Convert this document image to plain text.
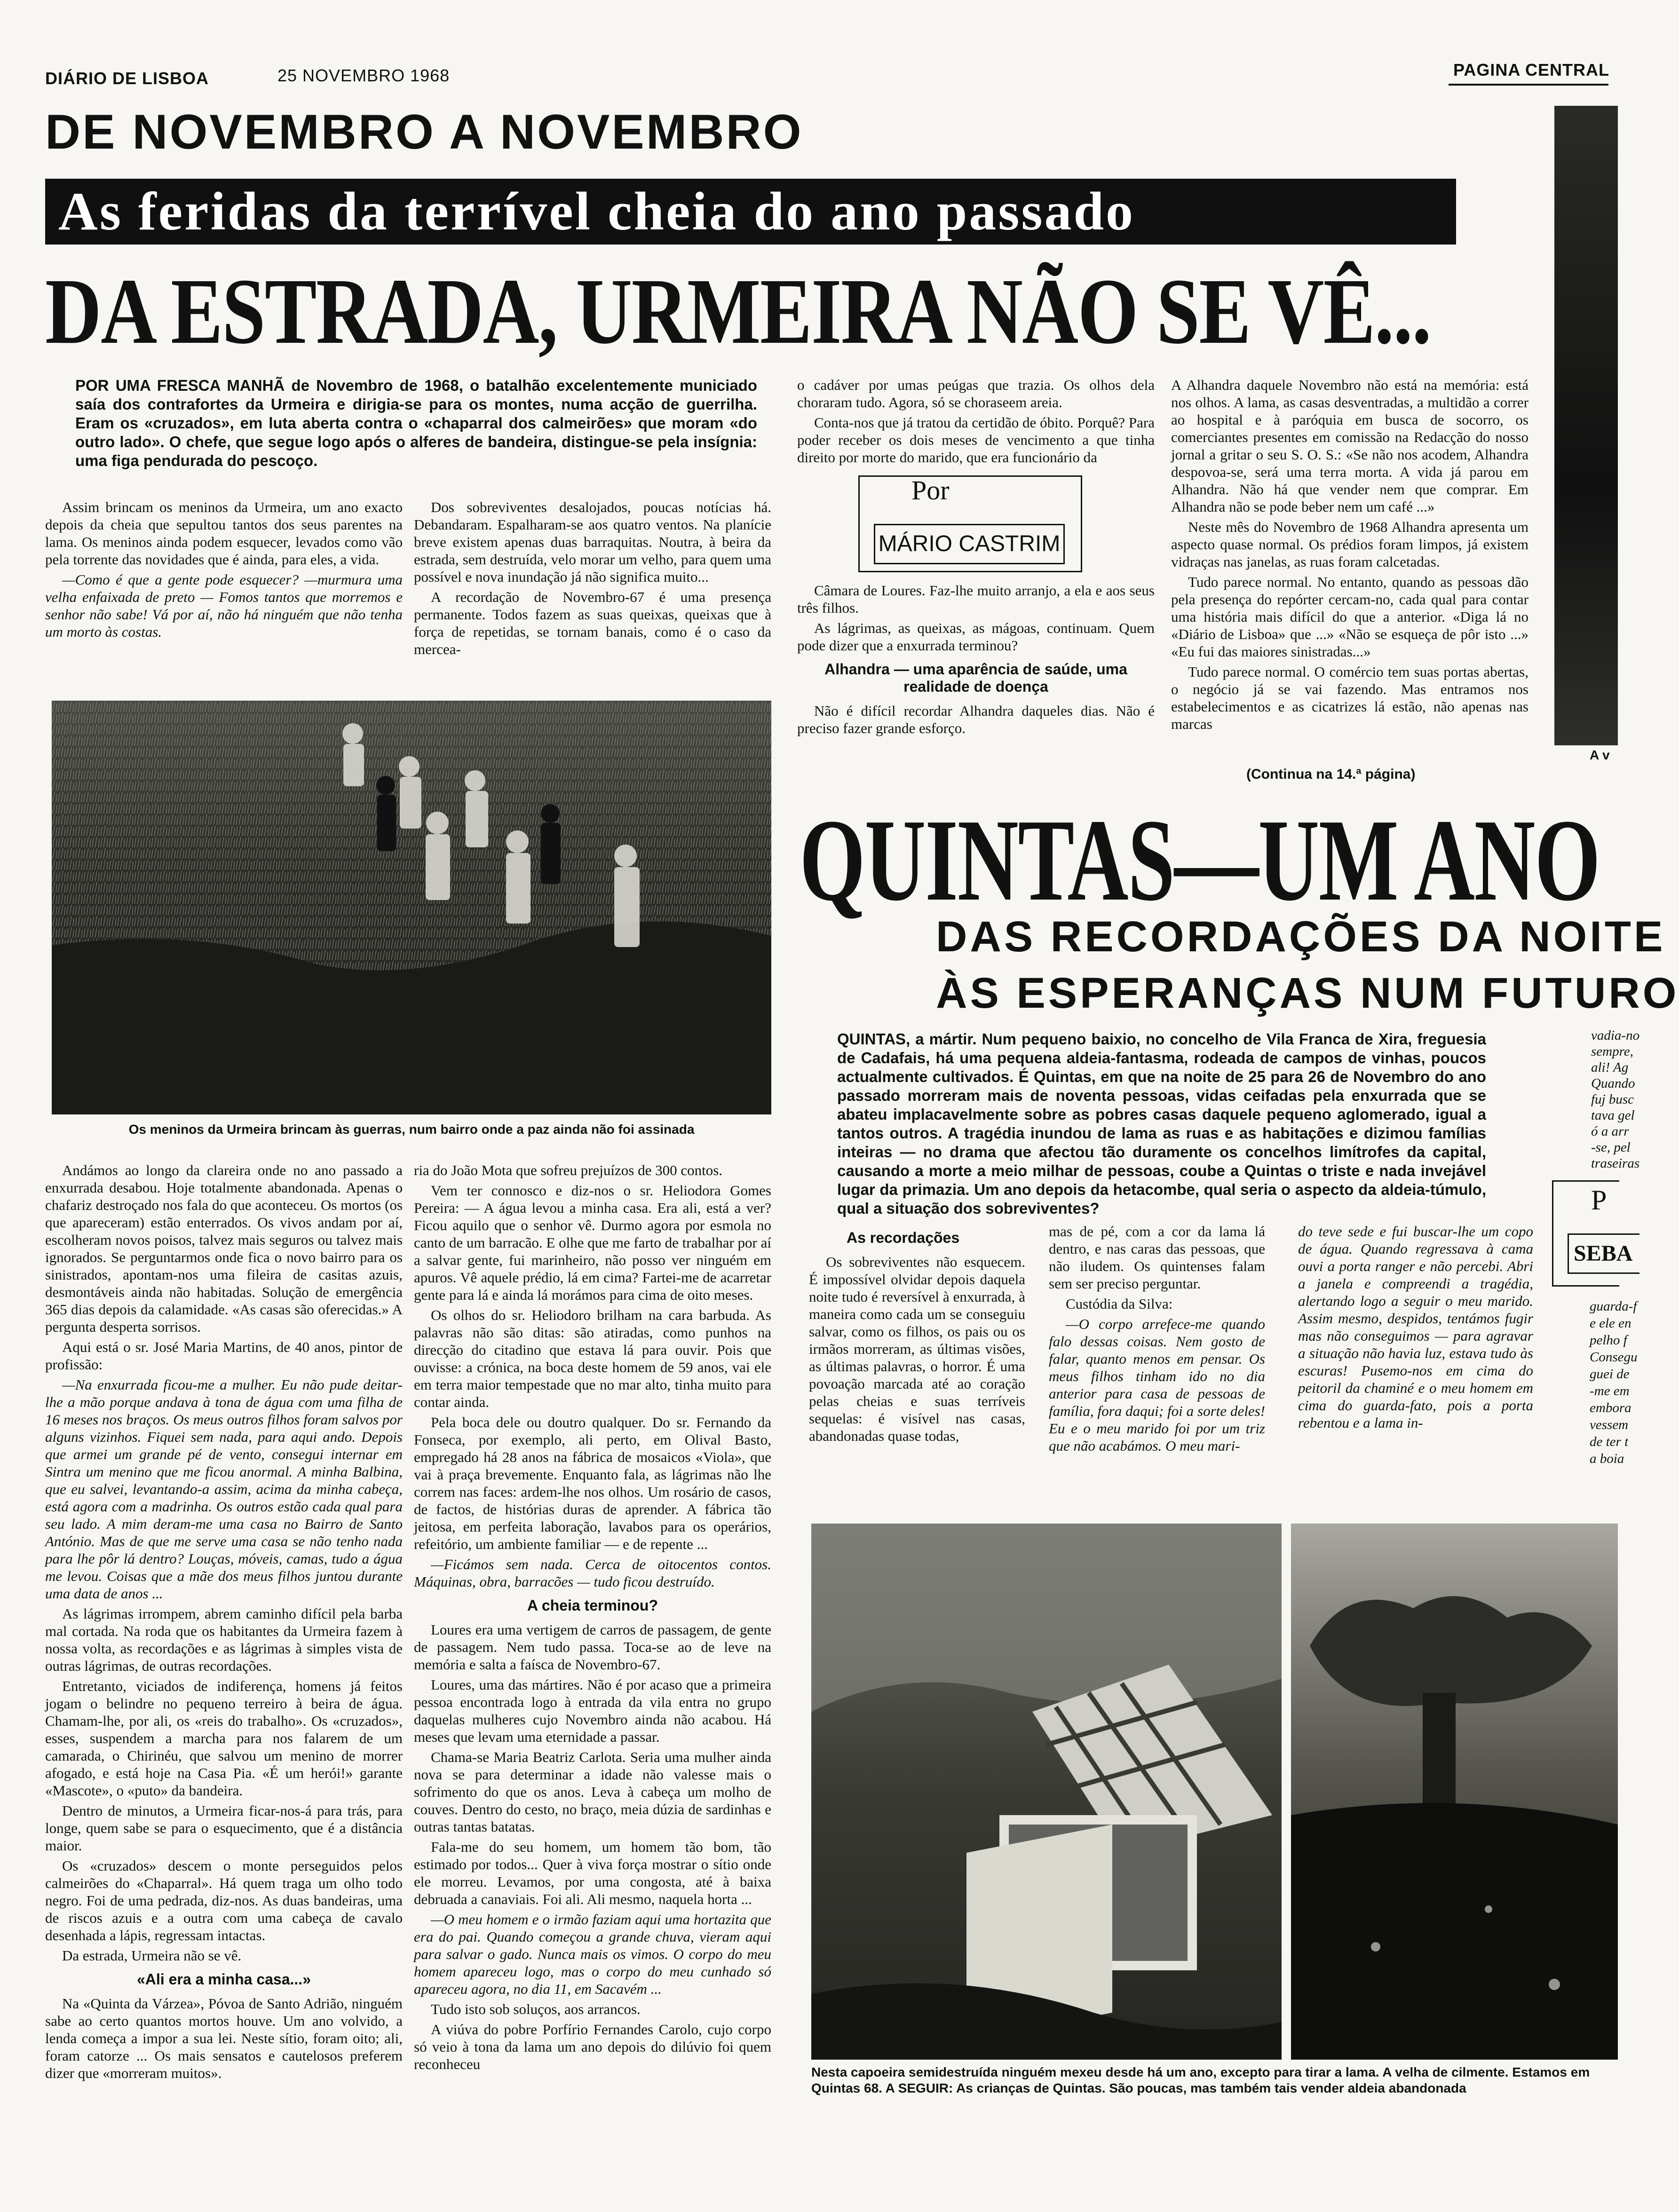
DIÁRIO DE LISBOA	25 NOVEMBRO 1968	PAGINA CENTRAL
DE NOVEMBRO A NOVEMBRO
As feridas da terrível cheia do ano passado
DA ESTRADA, URMEIRA NÃO SE VÊ...
POR UMA FRESCA MANHÃ de Novembro de 1968, o batalhão excelentemente municiado saía dos contrafortes da Urmeira e dirigia-se para os montes, numa acção de guerrilha. Eram os «cruzados», em luta aberta contra o «chaparral dos calmeirões» que moram «do outro lado». O chefe, que segue logo após o alferes de bandeira, distingue-se pela insígnia: uma figa pendurada do pescoço.

Assim brincam os meninos da Urmeira, um ano exacto depois da cheia que sepultou tantos dos seus parentes na lama. Os meninos ainda podem esquecer, levados como vão pela torrente das novidades que é ainda, para eles, a vida.

—Como é que a gente pode esquecer? —murmura uma velha enfaixada de preto — Fomos tantos que morremos e senhor não sabe! Vá por aí, não há ninguém que não tenha um morto às costas.

Dos sobreviventes desalojados, poucas notícias há. Debandaram. Espalharam-se aos quatro ventos. Na planície breve existem apenas duas barraquitas. Noutra, à beira da estrada, sem destruída, velo morar um velho, para quem uma possível e nova inundação já não significa muito...

A recordação de Novembro-67 é uma presença permanente. Todos fazem as suas queixas, queixas que à força de repetidas, se tornam banais, como é o caso da mercea-

o cadáver por umas peúgas que trazia. Os olhos dela choraram tudo. Agora, só se choraseem areia.

Conta-nos que já tratou da certidão de óbito. Porquê? Para poder receber os dois meses de vencimento a que tinha direito por morte do marido, que era funcionário da

Por
MÁRIO CASTRIM

Câmara de Loures. Faz-lhe muito arranjo, a ela e aos seus três filhos.

As lágrimas, as queixas, as mágoas, continuam. Quem pode dizer que a enxurrada terminou?

Alhandra — uma aparência de saúde, uma realidade de doença

Não é difícil recordar Alhandra daqueles dias. Não é preciso fazer grande esforço.

A Alhandra daquele Novembro não está na memória: está nos olhos. A lama, as casas desventradas, a multidão a correr ao hospital e à paróquia em busca de socorro, os comerciantes presentes em comissão na Redacção do nosso jornal a gritar o seu S. O. S.: «Se não nos acodem, Alhandra despovoa-se, será uma terra morta. A vida já parou em Alhandra. Não há que vender nem que comprar. Em Alhandra não se pode beber nem um café ...»

Neste mês do Novembro de 1968 Alhandra apresenta um aspecto quase normal. Os prédios foram limpos, já existem vidraças nas janelas, as ruas foram calcetadas.

Tudo parece normal. No entanto, quando as pessoas dão pela presença do repórter cercam-no, cada qual para contar uma história mais difícil do que a anterior. «Diga lá no «Diário de Lisboa» que ...» «Não se esqueça de pôr isto ...» «Eu fui das maiores sinistradas...»

Tudo parece normal. O comércio tem suas portas abertas, o negócio já se vai fazendo. Mas entramos nos estabelecimentos e as cicatrizes lá estão, não apenas nas marcas

(Continua na 14.ª página)
Os meninos da Urmeira brincam às guerras, num bairro onde a paz ainda não foi assinada

Andámos ao longo da clareira onde no ano passado a enxurrada desabou. Hoje totalmente abandonada. Apenas o chafariz destroçado nos fala do que aconteceu. Os mortos (os que apareceram) estão enterrados. Os vivos andam por aí, escolheram novos poisos, talvez mais seguros ou talvez mais ignorados. Se perguntarmos onde fica o novo bairro para os sinistrados, apontam-nos uma fileira de casitas azuis, desmontáveis ainda não habitadas. Solução de emergência 365 dias depois da calamidade. «As casas são oferecidas.» A pergunta desperta sorrisos.

Aqui está o sr. José Maria Martins, de 40 anos, pintor de profissão:

—Na enxurrada ficou-me a mulher. Eu não pude deitar-lhe a mão porque andava à tona de água com uma filha de 16 meses nos braços. Os meus outros filhos foram salvos por alguns vizinhos. Fiquei sem nada, para aqui ando. Depois que armei um grande pé de vento, consegui internar em Sintra um menino que me ficou anormal. A minha Balbina, que eu salvei, levantando-a assim, acima da minha cabeça, está agora com a madrinha. Os outros estão cada qual para seu lado. A mim deram-me uma casa no Bairro de Santo António. Mas de que me serve uma casa se não tenho nada para lhe pôr lá dentro? Louças, móveis, camas, tudo a água me levou. Coisas que a mãe dos meus filhos juntou durante uma data de anos ...

As lágrimas irrompem, abrem caminho difícil pela barba mal cortada. Na roda que os habitantes da Urmeira fazem à nossa volta, as recordações e as lágrimas à simples vista de outras lágrimas, de outras recordações.

Entretanto, viciados de indiferença, homens já feitos jogam o belindre no pequeno terreiro à beira de água. Chamam-lhe, por ali, os «reis do trabalho». Os «cruzados», esses, suspendem a marcha para nos falarem de um camarada, o Chirinéu, que salvou um menino de morrer afogado, e está hoje na Casa Pia. «É um herói!» garante «Mascote», o «puto» da bandeira.

Dentro de minutos, a Urmeira ficar-nos-á para trás, para longe, quem sabe se para o esquecimento, que é a distância maior.

Os «cruzados» descem o monte perseguidos pelos calmeirões do «Chaparral». Há quem traga um olho todo negro. Foi de uma pedrada, diz-nos. As duas bandeiras, uma de riscos azuis e a outra com uma cabeça de cavalo desenhada a lápis, regressam intactas.

Da estrada, Urmeira não se vê.

«Ali era a minha casa...»

Na «Quinta da Várzea», Póvoa de Santo Adrião, ninguém sabe ao certo quantos mortos houve. Um ano volvido, a lenda começa a impor a sua lei. Neste sítio, foram oito; ali, foram catorze ... Os mais sensatos e cautelosos preferem dizer que «morreram muitos».

ria do João Mota que sofreu prejuízos de 300 contos.

Vem ter connosco e diz-nos o sr. Heliodora Gomes Pereira: — A água levou a minha casa. Era ali, está a ver? Ficou aquilo que o senhor vê. Durmo agora por esmola no canto de um barracão. E olhe que me farto de trabalhar por aí a salvar gente, fui marinheiro, não posso ver ninguém em apuros. Vê aquele prédio, lá em cima? Fartei-me de acarretar gente para lá e ainda lá morámos para cima de oito meses.

Os olhos do sr. Heliodoro brilham na cara barbuda. As palavras não são ditas: são atiradas, como punhos na direcção do citadino que estava lá para ouvir. Pois que ouvisse: a crónica, na boca deste homem de 59 anos, vai ele em terra maior tempestade que no mar alto, tinha muito para contar ainda.

Pela boca dele ou doutro qualquer. Do sr. Fernando da Fonseca, por exemplo, ali perto, em Olival Basto, empregado há 28 anos na fábrica de mosaicos «Viola», que vai à praça brevemente. Enquanto fala, as lágrimas não lhe correm nas faces: ardem-lhe nos olhos. Um rosário de casos, de factos, de histórias duras de aprender. A fábrica tão jeitosa, em perfeita laboração, lavabos para os operários, refeitório, um ambiente familiar — e de repente ...

—Ficámos sem nada. Cerca de oitocentos contos. Máquinas, obra, barracões — tudo ficou destruído.

A cheia terminou?

Loures era uma vertigem de carros de passagem, de gente de passagem. Nem tudo passa. Toca-se ao de leve na memória e salta a faísca de Novembro-67.

Loures, uma das mártires. Não é por acaso que a primeira pessoa encontrada logo à entrada da vila entra no grupo daquelas mulheres cujo Novembro ainda não acabou. Há meses que levam uma eternidade a passar.

Chama-se Maria Beatriz Carlota. Seria uma mulher ainda nova se para determinar a idade não valesse mais o sofrimento do que os anos. Leva à cabeça um molho de couves. Dentro do cesto, no braço, meia dúzia de sardinhas e outras tantas batatas.

Fala-me do seu homem, um homem tão bom, tão estimado por todos... Quer à viva força mostrar o sítio onde ele morreu. Levamos, por uma congosta, até à baixa debruada a canaviais. Foi ali. Ali mesmo, naquela horta ...

—O meu homem e o irmão faziam aqui uma hortazita que era do pai. Quando começou a grande chuva, vieram aqui para salvar o gado. Nunca mais os vimos. O corpo do meu homem apareceu logo, mas o corpo do meu cunhado só apareceu agora, no dia 11, em Sacavém ...

Tudo isto sob soluços, aos arrancos.

A viúva do pobre Porfírio Fernandes Carolo, cujo corpo só veio à tona da lama um ano depois do dilúvio foi quem reconheceu

QUINTAS—UM ANO
DAS RECORDAÇÕES DA NOITE
ÀS ESPERANÇAS NUM FUTURO
QUINTAS, a mártir. Num pequeno baixio, no concelho de Vila Franca de Xira, freguesia de Cadafais, há uma pequena aldeia-fantasma, rodeada de campos de vinhas, poucos actualmente cultivados. É Quintas, em que na noite de 25 para 26 de Novembro do ano passado morreram mais de noventa pessoas, vidas ceifadas pela enxurrada que se abateu implacavelmente sobre as pobres casas daquele pequeno aglomerado, igual a tantos outros. A tragédia inundou de lama as ruas e as habitações e dizimou famílias inteiras — no drama que afectou tão duramente os concelhos limítrofes da capital, causando a morte a meio milhar de pessoas, coube a Quintas o triste e nada invejável lugar da primazia. Um ano depois da hetacombe, qual seria o aspecto da aldeia-túmulo, qual a situação dos sobreviventes?
As recordações

Os sobreviventes não esquecem. É impossível olvidar depois daquela noite tudo é reversível à enxurrada, à maneira como cada um se conseguiu salvar, como os filhos, os pais ou os irmãos morreram, as últimas visões, as últimas palavras, o horror. É uma povoação marcada até ao coração pelas cheias e suas terríveis sequelas: é visível nas casas, abandonadas quase todas,

mas de pé, com a cor da lama lá dentro, e nas caras das pessoas, que não iludem. Os quintenses falam sem ser preciso perguntar.

Custódia da Silva:

—O corpo arrefece-me quando falo dessas coisas. Nem gosto de falar, quanto menos em pensar. Os meus filhos tinham ido no dia anterior para casa de pessoas de família, fora daqui; foi a sorte deles! Eu e o meu marido foi por um triz que não acabámos. O meu mari-

do teve sede e fui buscar-lhe um copo de água. Quando regressava à cama ouvi a porta ranger e não percebi. Abri a janela e compreendi a tragédia, alertando logo a seguir o meu marido. Assim mesmo, despidos, tentámos fugir mas não conseguimos — para agravar a situação não havia luz, estava tudo às escuras! Pusemo-nos em cima do peitoril da chaminé e o meu homem em cima do guarda-fato, pois a porta rebentou e a lama in-

Nesta capoeira semidestruída ninguém mexeu desde há um ano, excepto para tirar a lama. A velha de cilmente. Estamos em Quintas 68. A SEGUIR: As crianças de Quintas. São poucas, mas também tais vender aldeia abandonada
A v
vadia-no
sempre,
ali! Ag
Quando
fuj busc
tava gel
ó a arr
-se, pel
traseiras
P
SEBA
guarda-f
e ele en
pelho f
Consegu
guei de
-me em
embora
vessem
de ter t
a boia
